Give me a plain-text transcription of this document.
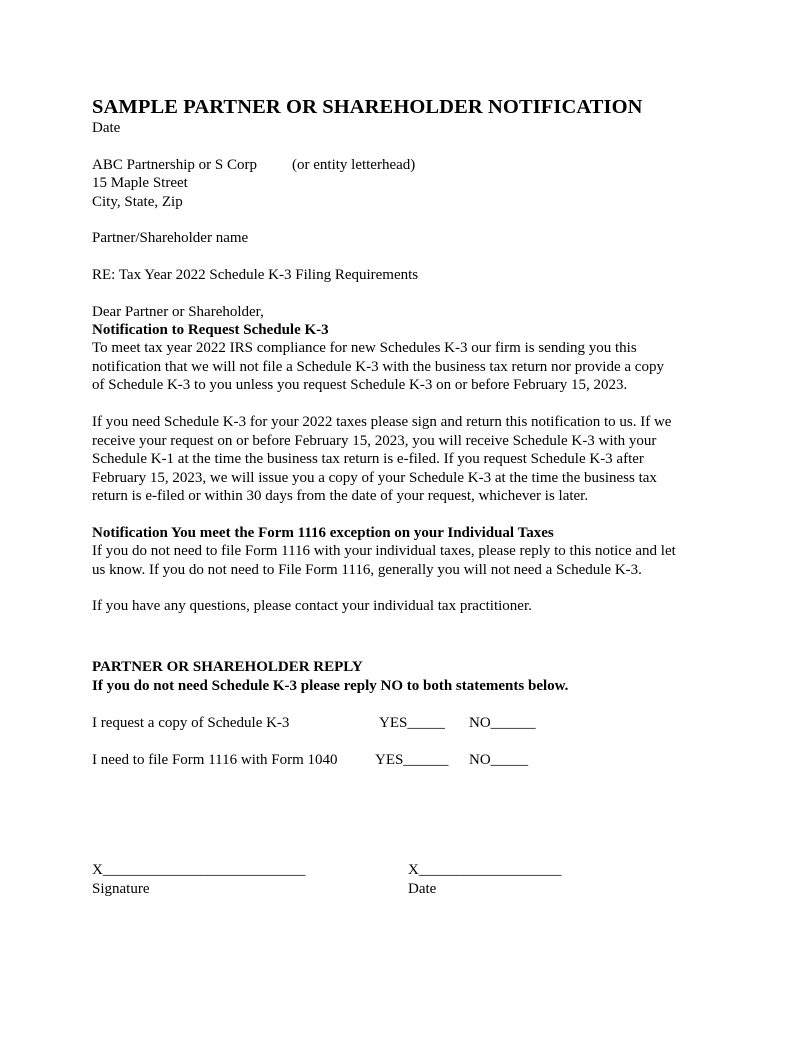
SAMPLE PARTNER OR SHAREHOLDER NOTIFICATION
Date
ABC Partnership or S Corp (or entity letterhead)
15 Maple Street
City, State, Zip
Partner/Shareholder name
RE: Tax Year 2022 Schedule K-3 Filing Requirements
Dear Partner or Shareholder,
Notification to Request Schedule K-3
To meet tax year 2022 IRS compliance for new Schedules K-3 our firm is sending you this
notification that we will not file a Schedule K-3 with the business tax return nor provide a copy
of Schedule K-3 to you unless you request Schedule K-3 on or before February 15, 2023.
If you need Schedule K-3 for your 2022 taxes please sign and return this notification to us. If we
receive your request on or before February 15, 2023, you will receive Schedule K-3 with your
Schedule K-1 at the time the business tax return is e-filed. If you request Schedule K-3 after
February 15, 2023, we will issue you a copy of your Schedule K-3 at the time the business tax
return is e-filed or within 30 days from the date of your request, whichever is later.
Notification You meet the Form 1116 exception on your Individual Taxes
If you do not need to file Form 1116 with your individual taxes, please reply to this notice and let
us know. If you do not need to File Form 1116, generally you will not need a Schedule K-3.
If you have any questions, please contact your individual tax practitioner.
PARTNER OR SHAREHOLDER REPLY
If you do not need Schedule K-3 please reply NO to both statements below.
I request a copy of Schedule K-3	YES_____ NO______
I need to file Form 1116 with Form 1040 YES______ NO_____
X___________________________
Signature
X___________________
Date
